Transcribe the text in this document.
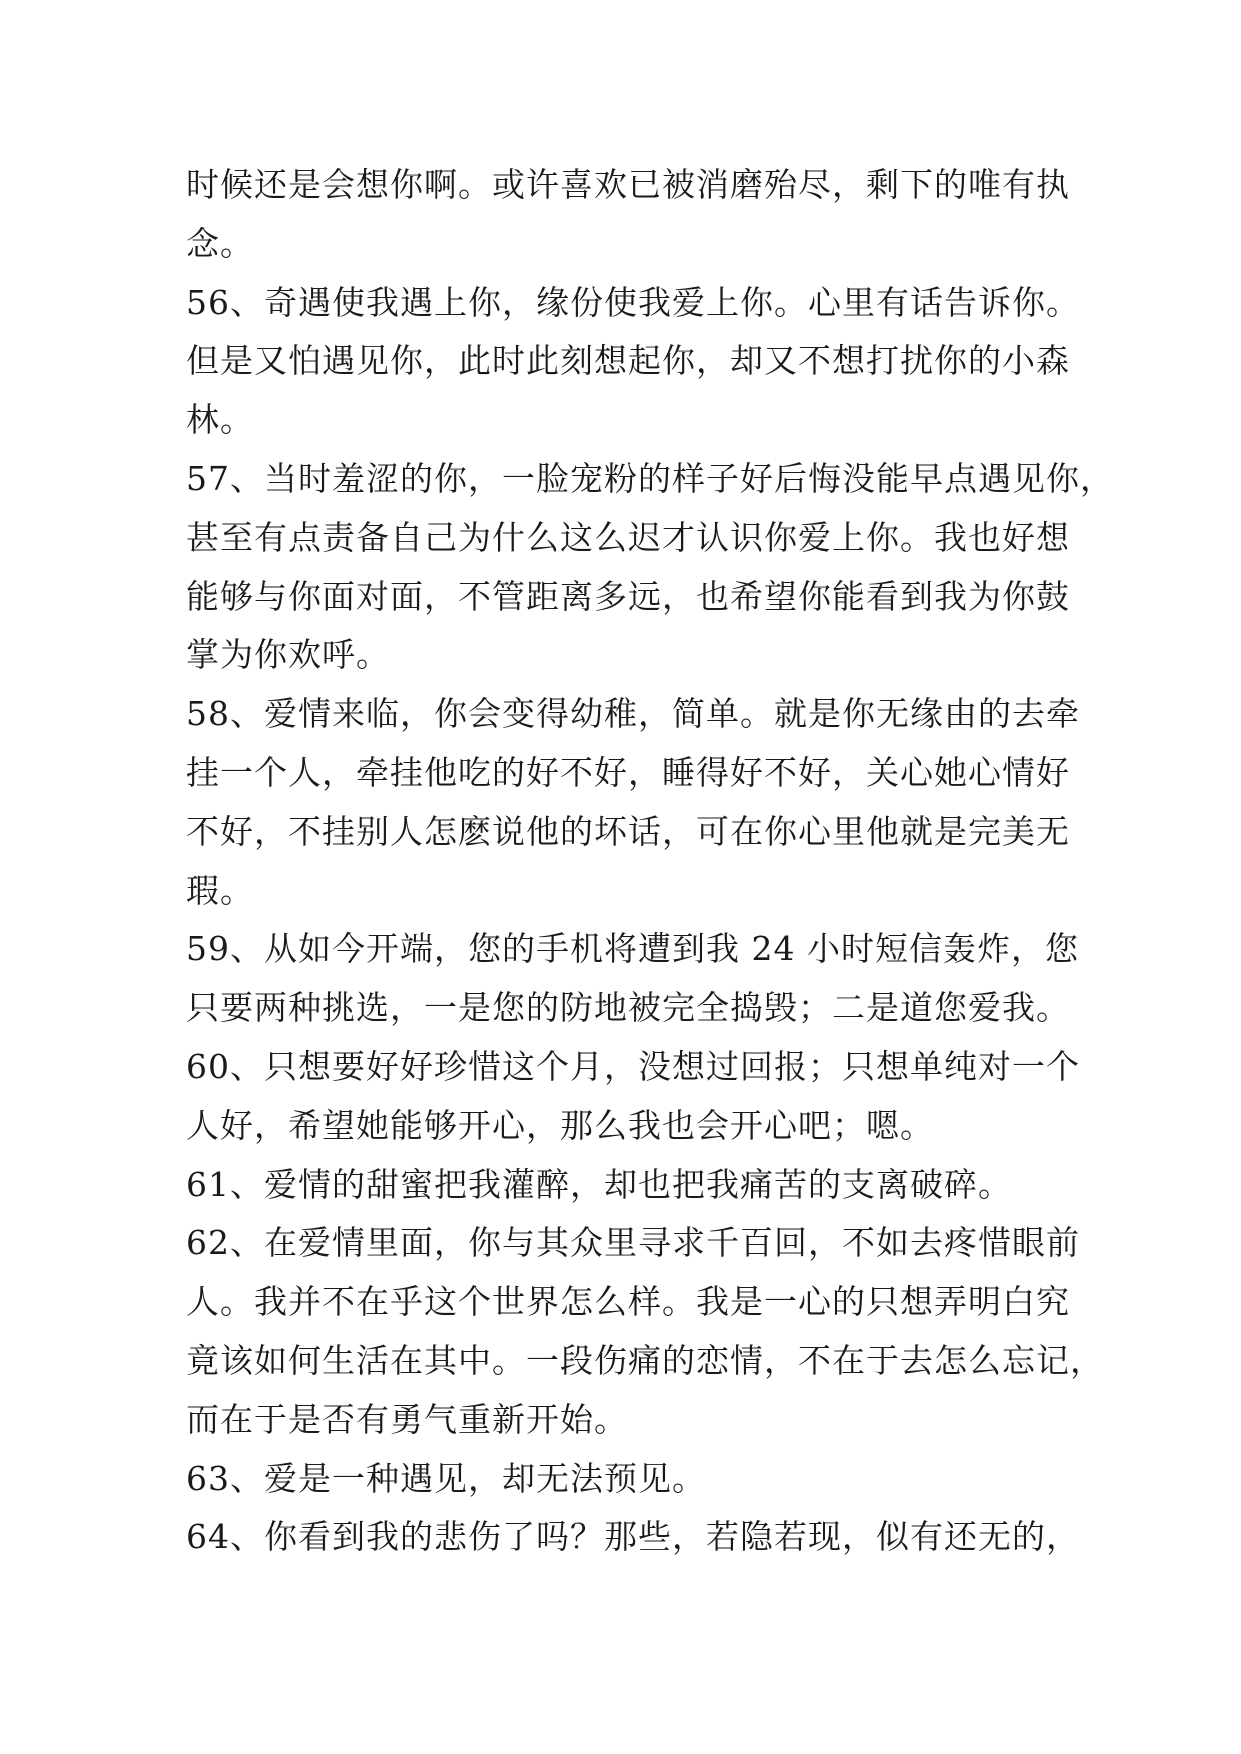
时候还是会想你啊。或许喜欢已被消磨殆尽，剩下的唯有执
念。
56、奇遇使我遇上你，缘份使我爱上你。心里有话告诉你。
但是又怕遇见你，此时此刻想起你，却又不想打扰你的小森
林。
57、当时羞涩的你，一脸宠粉的样子好后悔没能早点遇见你，
甚至有点责备自己为什么这么迟才认识你爱上你。我也好想
能够与你面对面，不管距离多远，也希望你能看到我为你鼓
掌为你欢呼。
58、爱情来临，你会变得幼稚，简单。就是你无缘由的去牵
挂一个人，牵挂他吃的好不好，睡得好不好，关心她心情好
不好，不挂别人怎麽说他的坏话，可在你心里他就是完美无
瑕。
59、从如今开端，您的手机将遭到我 24 小时短信轰炸，您
只要两种挑选，一是您的防地被完全捣毁；二是道您爱我。
60、只想要好好珍惜这个月，没想过回报；只想单纯对一个
人好，希望她能够开心，那么我也会开心吧；嗯。
61、爱情的甜蜜把我灌醉，却也把我痛苦的支离破碎。
62、在爱情里面，你与其众里寻求千百回，不如去疼惜眼前
人。我并不在乎这个世界怎么样。我是一心的只想弄明白究
竟该如何生活在其中。一段伤痛的恋情，不在于去怎么忘记，
而在于是否有勇气重新开始。
63、爱是一种遇见，却无法预见。
64、你看到我的悲伤了吗？那些，若隐若现，似有还无的，
